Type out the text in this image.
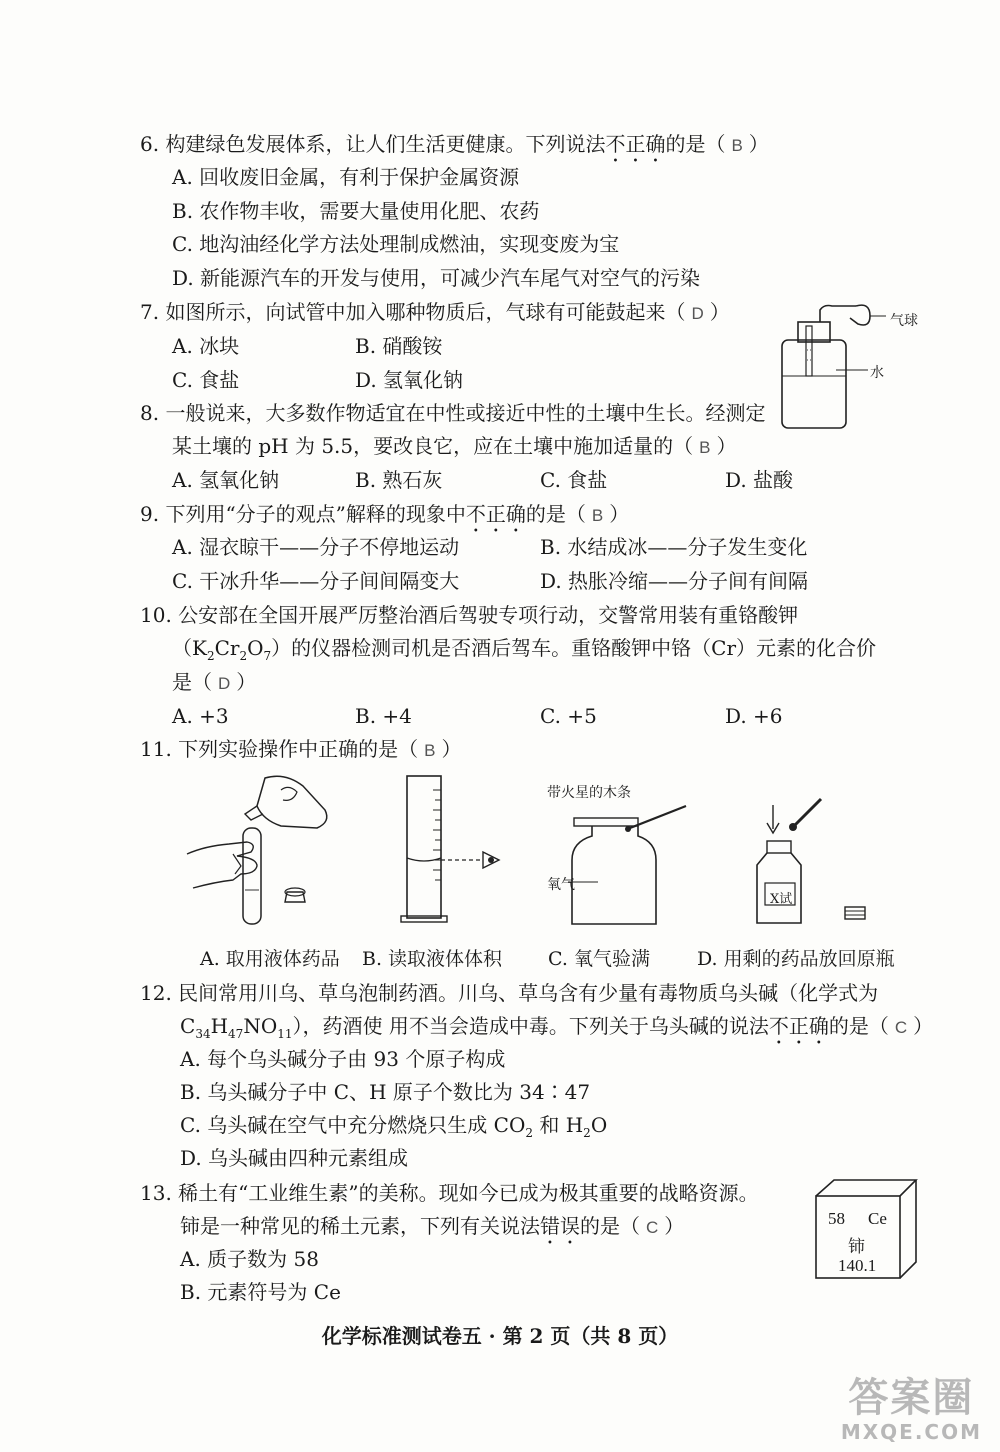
6. 构建绿色发展体系，让人们生活更健康。下列说法不正确的是（ B ）
A. 回收废旧金属，有利于保护金属资源
B. 农作物丰收，需要大量使用化肥、农药
C. 地沟油经化学方法处理制成燃油，实现变废为宝
D. 新能源汽车的开发与使用，可减少汽车尾气对空气的污染
7. 如图所示，向试管中加入哪种物质后，气球有可能鼓起来（ D ）
A. 冰块	B. 硝酸铵
C. 食盐	D. 氢氧化钠
气球
水
8. 一般说来，大多数作物适宜在中性或接近中性的土壤中生长。经测定
某土壤的 pH 为 5.5，要改良它，应在土壤中施加适量的（ B ）
A. 氢氧化钠	B. 熟石灰	C. 食盐	D. 盐酸
9. 下列用“分子的观点”解释的现象中不正确的是（ B ）
A. 湿衣晾干——分子不停地运动	B. 水结成冰——分子发生变化
C. 干冰升华——分子间间隔变大	D. 热胀冷缩——分子间有间隔
10. 公安部在全国开展严厉整治酒后驾驶专项行动，交警常用装有重铬酸钾
$(K_2Cr_2O_7)$的仪器检测司机是否酒后驾车。重铬酸钾中铬（Cr）元素的化合价
是（ D ）
A. +3	B. +4	C. +5	D. +6
11. 下列实验操作中正确的是（ B ）
带火星的木条
氧气
X试
A. 取用液体药品 B. 读取液体体积 C. 氧气验满 D. 用剩的药品放回原瓶
12. 民间常用川乌、草乌泡制药酒。川乌、草乌含有少量有毒物质乌头碱（化学式为
$C_{34}H_{47}NO_{11}$），药酒使 用不当会造成中毒。下列关于乌头碱的说法不正确的是（ C ）
A. 每个乌头碱分子由 93 个原子构成
B. 乌头碱分子中 C、H 原子个数比为 34∶47
C. 乌头碱在空气中充分燃烧只生成 $CO_2$ 和 $H_2O$
D. 乌头碱由四种元素组成
13. 稀土有“工业维生素”的美称。现如今已成为极其重要的战略资源。
铈是一种常见的稀土元素，下列有关说法错误的是（ C ）
A. 质子数为 58
B. 元素符号为 Ce
58 Ce
铈
140.1
化学标准测试卷五 · 第 2 页（共 8 页）
答案圈
MXQE.COM
